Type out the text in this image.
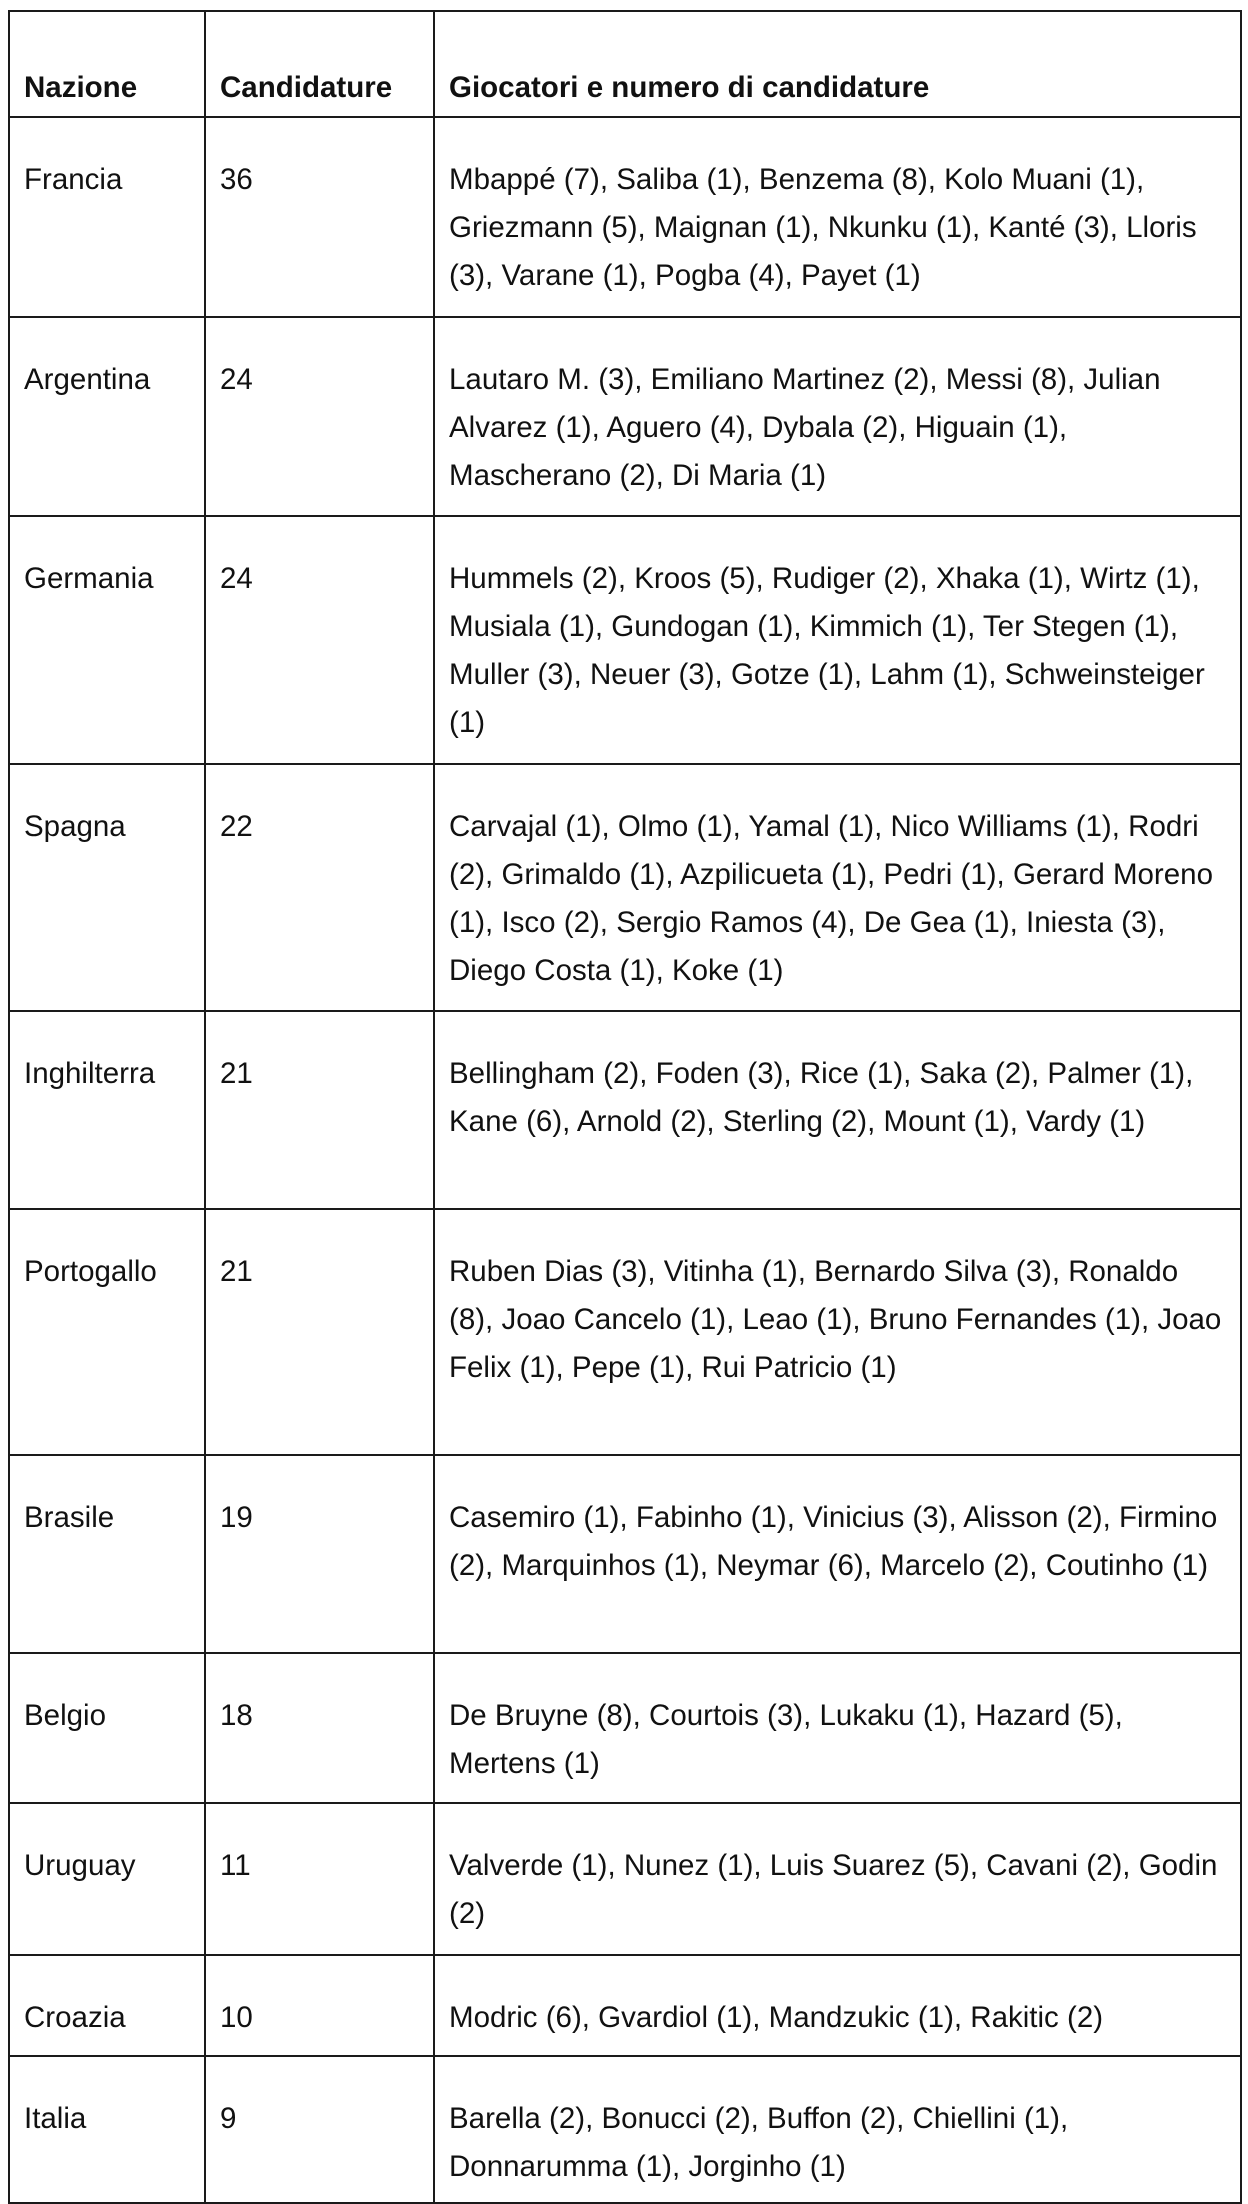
Nazione	Candidature	Giocatori e numero di candidature
Francia	36	Mbappé (7), Saliba (1), Benzema (8), Kolo Muani (1), Griezmann (5), Maignan (1), Nkunku (1), Kanté (3), Lloris (3), Varane (1), Pogba (4), Payet (1)
Argentina	24	Lautaro M. (3), Emiliano Martinez (2), Messi (8), Julian Alvarez (1), Aguero (4), Dybala (2), Higuain (1), Mascherano (2), Di Maria (1)
Germania	24	Hummels (2), Kroos (5), Rudiger (2), Xhaka (1), Wirtz (1), Musiala (1), Gundogan (1), Kimmich (1), Ter Stegen (1), Muller (3), Neuer (3), Gotze (1), Lahm (1), Schweinsteiger (1)
Spagna	22	Carvajal (1), Olmo (1), Yamal (1), Nico Williams (1), Rodri (2), Grimaldo (1), Azpilicueta (1), Pedri (1), Gerard Moreno (1), Isco (2), Sergio Ramos (4), De Gea (1), Iniesta (3), Diego Costa (1), Koke (1)
Inghilterra	21	Bellingham (2), Foden (3), Rice (1), Saka (2), Palmer (1), Kane (6), Arnold (2), Sterling (2), Mount (1), Vardy (1)
Portogallo	21	Ruben Dias (3), Vitinha (1), Bernardo Silva (3), Ronaldo (8), Joao Cancelo (1), Leao (1), Bruno Fernandes (1), Joao Felix (1), Pepe (1), Rui Patricio (1)
Brasile	19	Casemiro (1), Fabinho (1), Vinicius (3), Alisson (2), Firmino (2), Marquinhos (1), Neymar (6), Marcelo (2), Coutinho (1)
Belgio	18	De Bruyne (8), Courtois (3), Lukaku (1), Hazard (5), Mertens (1)
Uruguay	11	Valverde (1), Nunez (1), Luis Suarez (5), Cavani (2), Godin (2)
Croazia	10	Modric (6), Gvardiol (1), Mandzukic (1), Rakitic (2)
Italia	9	Barella (2), Bonucci (2), Buffon (2), Chiellini (1), Donnarumma (1), Jorginho (1)
